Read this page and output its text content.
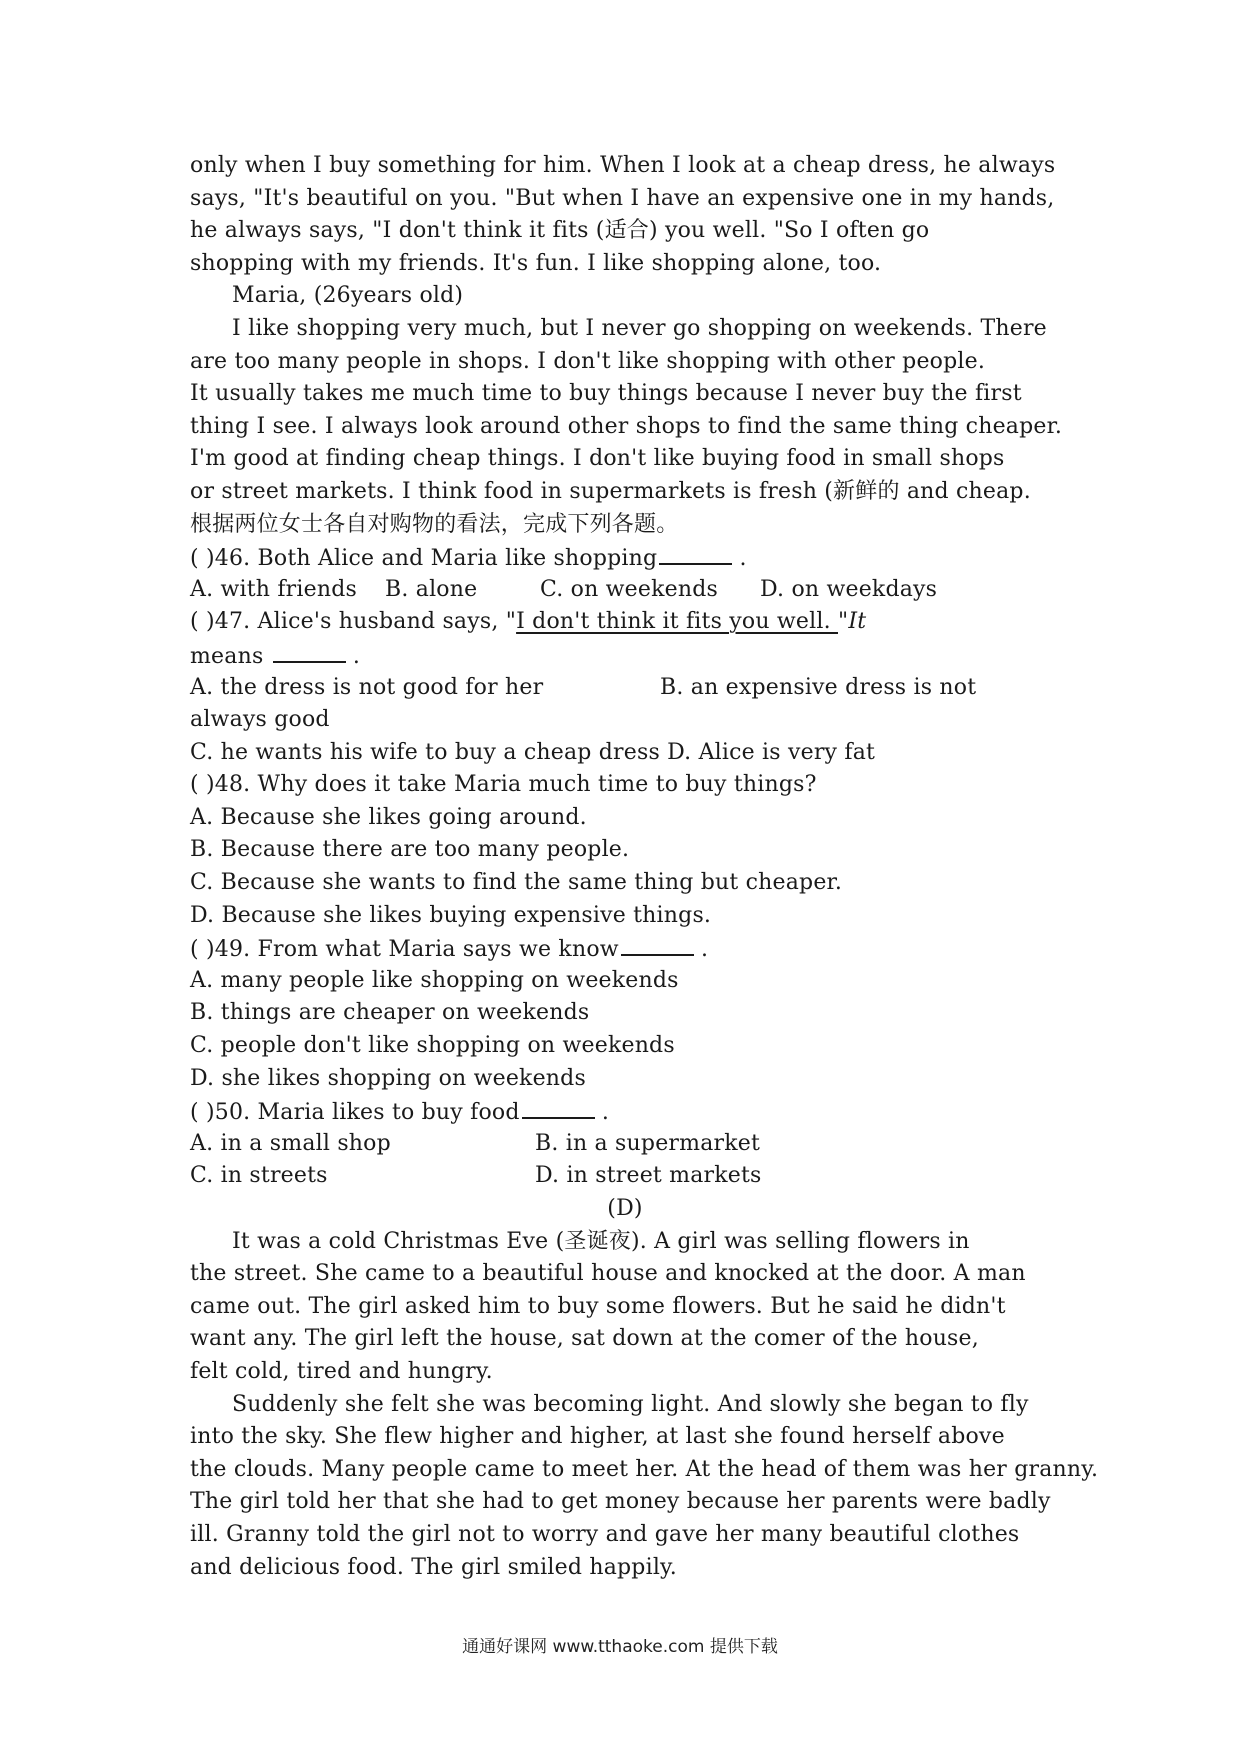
only when I buy something for him. When I look at a cheap dress, he always
says, "It's beautiful on you. "But when I have an expensive one in my hands,
he always says, "I don't think it fits (适合) you well. "So I often go
shopping with my friends. It's fun. I like shopping alone, too.
Maria, (26years old)
I like shopping very much, but I never go shopping on weekends. There
are too many people in shops. I don't like shopping with other people.
It usually takes me much time to buy things because I never buy the first
thing I see. I always look around other shops to find the same thing cheaper.
I'm good at finding cheap things. I don't like buying food in small shops
or street markets. I think food in supermarkets is fresh (新鲜的 and cheap.
根据两位女士各自对购物的看法，完成下列各题。
( )46. Both Alice and Maria like shopping	.
A. with friends	B. alone	C. on weekends	D. on weekdays
( )47. Alice's husband says, "I don't think it fits you well. "It
means	.
A. the dress is not good for her	B. an expensive dress is not
always good
C. he wants his wife to buy a cheap dress D. Alice is very fat
( )48. Why does it take Maria much time to buy things?
A. Because she likes going around.
B. Because there are too many people.
C. Because she wants to find the same thing but cheaper.
D. Because she likes buying expensive things.
( )49. From what Maria says we know	.
A. many people like shopping on weekends
B. things are cheaper on weekends
C. people don't like shopping on weekends
D. she likes shopping on weekends
( )50. Maria likes to buy food	.
A. in a small shop	B. in a supermarket
C. in streets	D. in street markets
(D)
It was a cold Christmas Eve (圣诞夜). A girl was selling flowers in
the street. She came to a beautiful house and knocked at the door. A man
came out. The girl asked him to buy some flowers. But he said he didn't
want any. The girl left the house, sat down at the comer of the house,
felt cold, tired and hungry.
Suddenly she felt she was becoming light. And slowly she began to fly
into the sky. She flew higher and higher, at last she found herself above
the clouds. Many people came to meet her. At the head of them was her granny.
The girl told her that she had to get money because her parents were badly
ill. Granny told the girl not to worry and gave her many beautiful clothes
and delicious food. The girl smiled happily.
通通好课网 www.tthaoke.com 提供下载
